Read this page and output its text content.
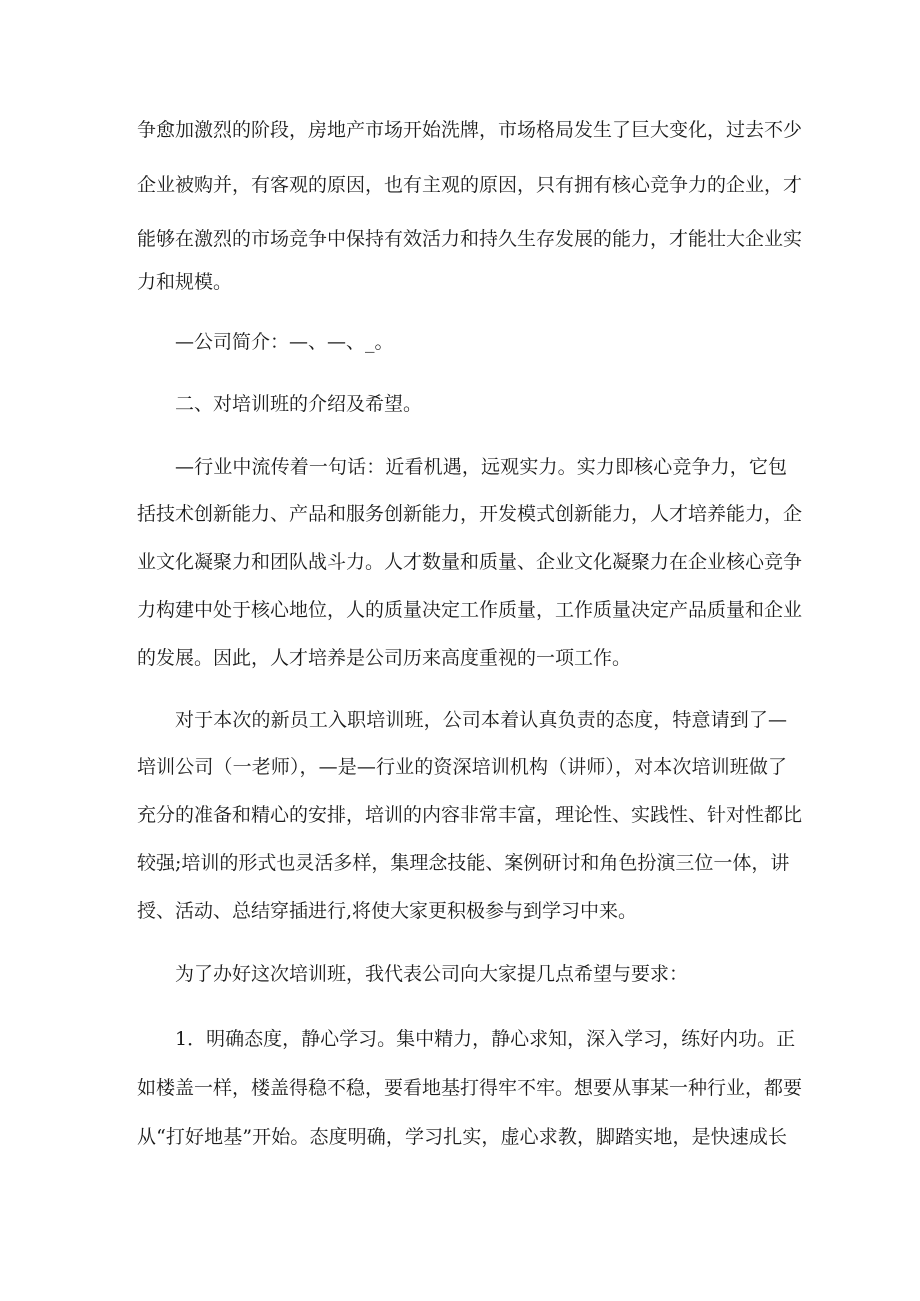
争愈加激烈的阶段，房地产市场开始洗牌，市场格局发生了巨大变化，过去不少
企业被购并，有客观的原因，也有主观的原因，只有拥有核心竞争力的企业，才
能够在激烈的市场竞争中保持有效活力和持久生存发展的能力，才能壮大企业实
力和规模。
—公司简介：—、—、_。
二、对培训班的介绍及希望。
—行业中流传着一句话：近看机遇，远观实力。实力即核心竞争力，它包
括技术创新能力、产品和服务创新能力，开发模式创新能力，人才培养能力，企
业文化凝聚力和团队战斗力。人才数量和质量、企业文化凝聚力在企业核心竞争
力构建中处于核心地位，人的质量决定工作质量，工作质量决定产品质量和企业
的发展。因此，人才培养是公司历来高度重视的一项工作。
对于本次的新员工入职培训班，公司本着认真负责的态度，特意请到了—
培训公司（一老师），—是—行业的资深培训机构（讲师），对本次培训班做了
充分的准备和精心的安排，培训的内容非常丰富，理论性、实践性、针对性都比
较强;培训的形式也灵活多样，集理念技能、案例研讨和角色扮演三位一体，讲
授、活动、总结穿插进行,将使大家更积极参与到学习中来。
为了办好这次培训班，我代表公司向大家提几点希望与要求：
1．明确态度，静心学习。集中精力，静心求知，深入学习，练好内功。正
如楼盖一样，楼盖得稳不稳，要看地基打得牢不牢。想要从事某一种行业，都要
从“打好地基”开始。态度明确，学习扎实，虚心求教，脚踏实地，是快速成长
